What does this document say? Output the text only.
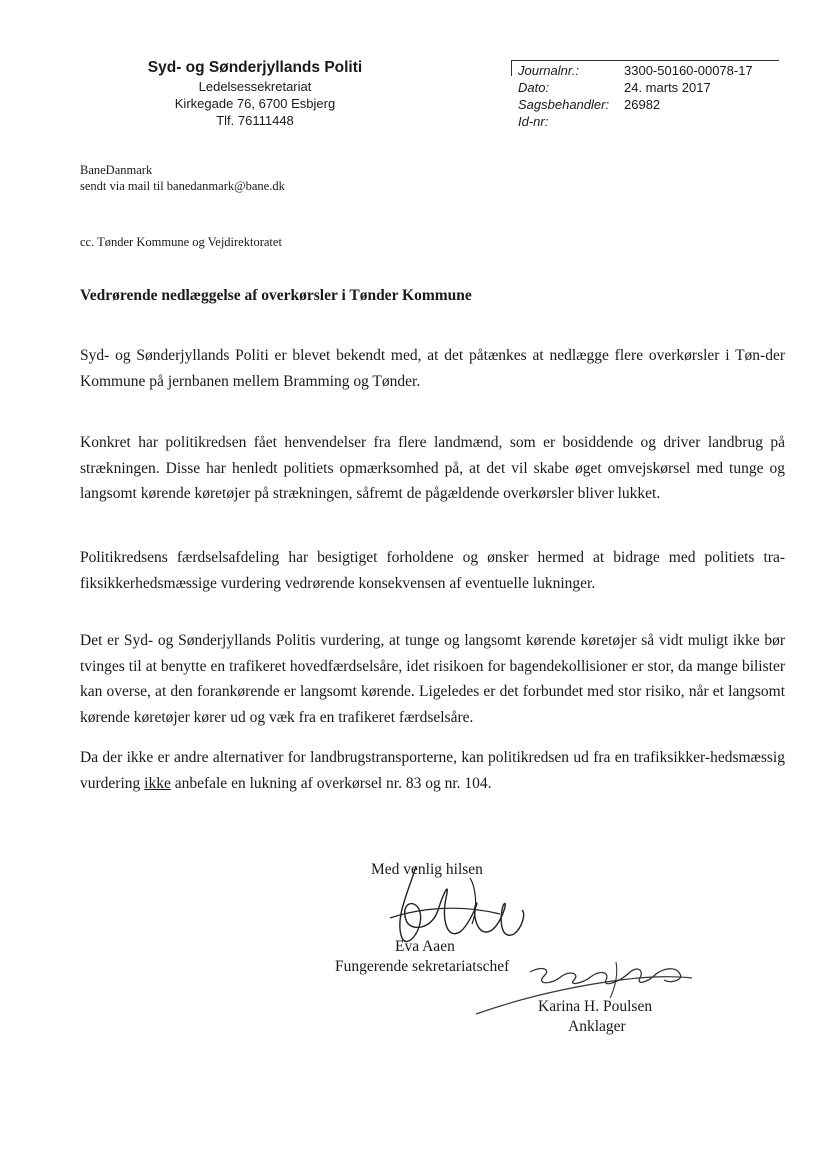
Syd- og Sønderjyllands Politi
Ledelsessekretariat
Kirkegade 76, 6700 Esbjerg
Tlf. 76111448
Journalnr.:	3300-50160-00078-17
Dato:	24. marts 2017
Sagsbehandler: 26982
Id-nr:
BaneDanmark
sendt via mail til banedanmark@bane.dk
cc. Tønder Kommune og Vejdirektoratet
Vedrørende nedlæggelse af overkørsler i Tønder Kommune
Syd- og Sønderjyllands Politi er blevet bekendt med, at det påtænkes at nedlægge flere overkørsler i Tøn-der Kommune på jernbanen mellem Bramming og Tønder.
Konkret har politikredsen fået henvendelser fra flere landmænd, som er bosiddende og driver landbrug på strækningen. Disse har henledt politiets opmærksomhed på, at det vil skabe øget omvejskørsel med tunge og langsomt kørende køretøjer på strækningen, såfremt de pågældende overkørsler bliver lukket.
Politikredsens færdselsafdeling har besigtiget forholdene og ønsker hermed at bidrage med politiets tra-fiksikkerhedsmæssige vurdering vedrørende konsekvensen af eventuelle lukninger.
Det er Syd- og Sønderjyllands Politis vurdering, at tunge og langsomt kørende køretøjer så vidt muligt ikke bør tvinges til at benytte en trafikeret hovedfærdselsåre, idet risikoen for bagendekollisioner er stor, da mange bilister kan overse, at den forankørende er langsomt kørende. Ligeledes er det forbundet med stor risiko, når et langsomt kørende køretøjer kører ud og væk fra en trafikeret færdselsåre.
Da der ikke er andre alternativer for landbrugstransporterne, kan politikredsen ud fra en trafiksikker-hedsmæssig vurdering ikke anbefale en lukning af overkørsel nr. 83 og nr. 104.
Med venlig hilsen
Eva Aaen
Fungerende sekretariatschef
Karina H. Poulsen
Anklager
